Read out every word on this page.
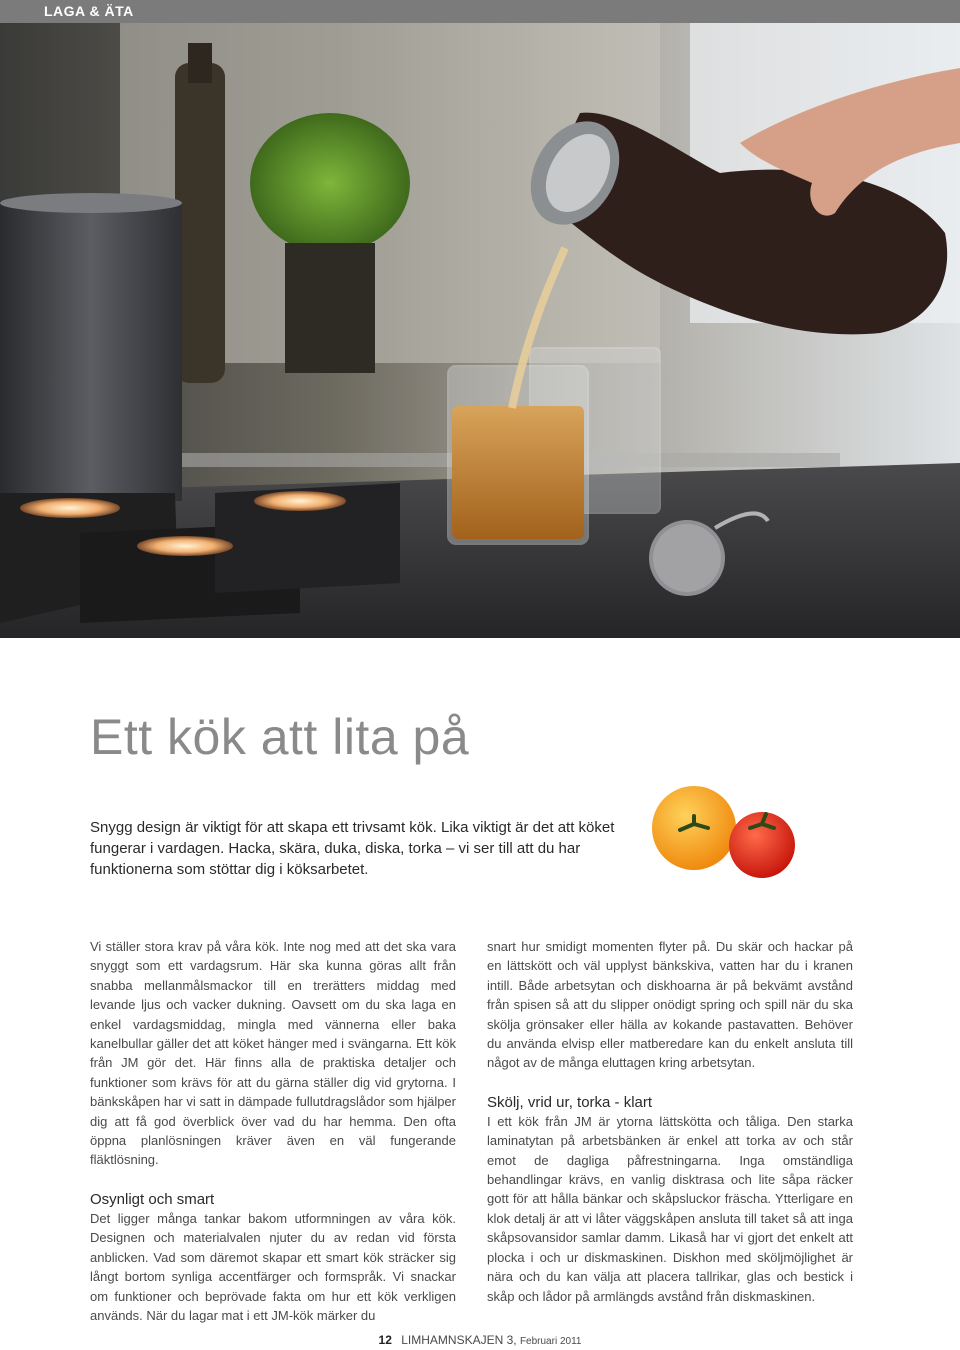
LAGA & ÄTA
Ett kök att lita på

Snygg design är viktigt för att skapa ett trivsamt kök. Lika viktigt är det att köket fungerar i vardagen. Hacka, skära, duka, diska, torka – vi ser till att du har funktionerna som stöttar dig i köksarbetet.

Vi ställer stora krav på våra kök. Inte nog med att det ska vara snyggt som ett vardagsrum. Här ska kunna göras allt från snabba mellanmålsmackor till en trerätters middag med levande ljus och vacker dukning. Oavsett om du ska laga en enkel vardagsmiddag, mingla med vännerna eller baka kanelbullar gäller det att köket hänger med i svängarna. Ett kök från JM gör det. Här finns alla de praktiska detaljer och funktioner som krävs för att du gärna ställer dig vid grytorna. I bänkskåpen har vi satt in dämpade fullutdragslådor som hjälper dig att få god överblick över vad du har hemma. Den ofta öppna planlösningen kräver även en väl fungerande fläktlösning.

Osynligt och smart

Det ligger många tankar bakom utformningen av våra kök. Designen och materialvalen njuter du av redan vid första anblicken. Vad som däremot skapar ett smart kök sträcker sig långt bortom synliga accentfärger och formspråk. Vi snackar om funktioner och beprövade fakta om hur ett kök verkligen används. När du lagar mat i ett JM-kök märker du

snart hur smidigt momenten flyter på. Du skär och hackar på en lättskött och väl upplyst bänkskiva, vatten har du i kranen intill. Både arbetsytan och diskhoarna är på bekvämt avstånd från spisen så att du slipper onödigt spring och spill när du ska skölja grönsaker eller hälla av kokande pastavatten. Behöver du använda elvisp eller matberedare kan du enkelt ansluta till något av de många eluttagen kring arbetsytan.

Skölj, vrid ur, torka - klart

I ett kök från JM är ytorna lättskötta och tåliga. Den starka laminatytan på arbetsbänken är enkel att torka av och står emot de dagliga påfrestningarna. Inga omständliga behandlingar krävs, en vanlig disktrasa och lite såpa räcker gott för att hålla bänkar och skåpsluckor fräscha. Ytterligare en klok detalj är att vi låter väggskåpen ansluta till taket så att inga skåpsovansidor samlar damm. Likaså har vi gjort det enkelt att plocka i och ur diskmaskinen. Diskhon med sköljmöjlighet är nära och du kan välja att placera tallrikar, glas och bestick i skåp och lådor på armlängds avstånd från diskmaskinen.

12 LIMHAMNSKAJEN 3, Februari 2011
